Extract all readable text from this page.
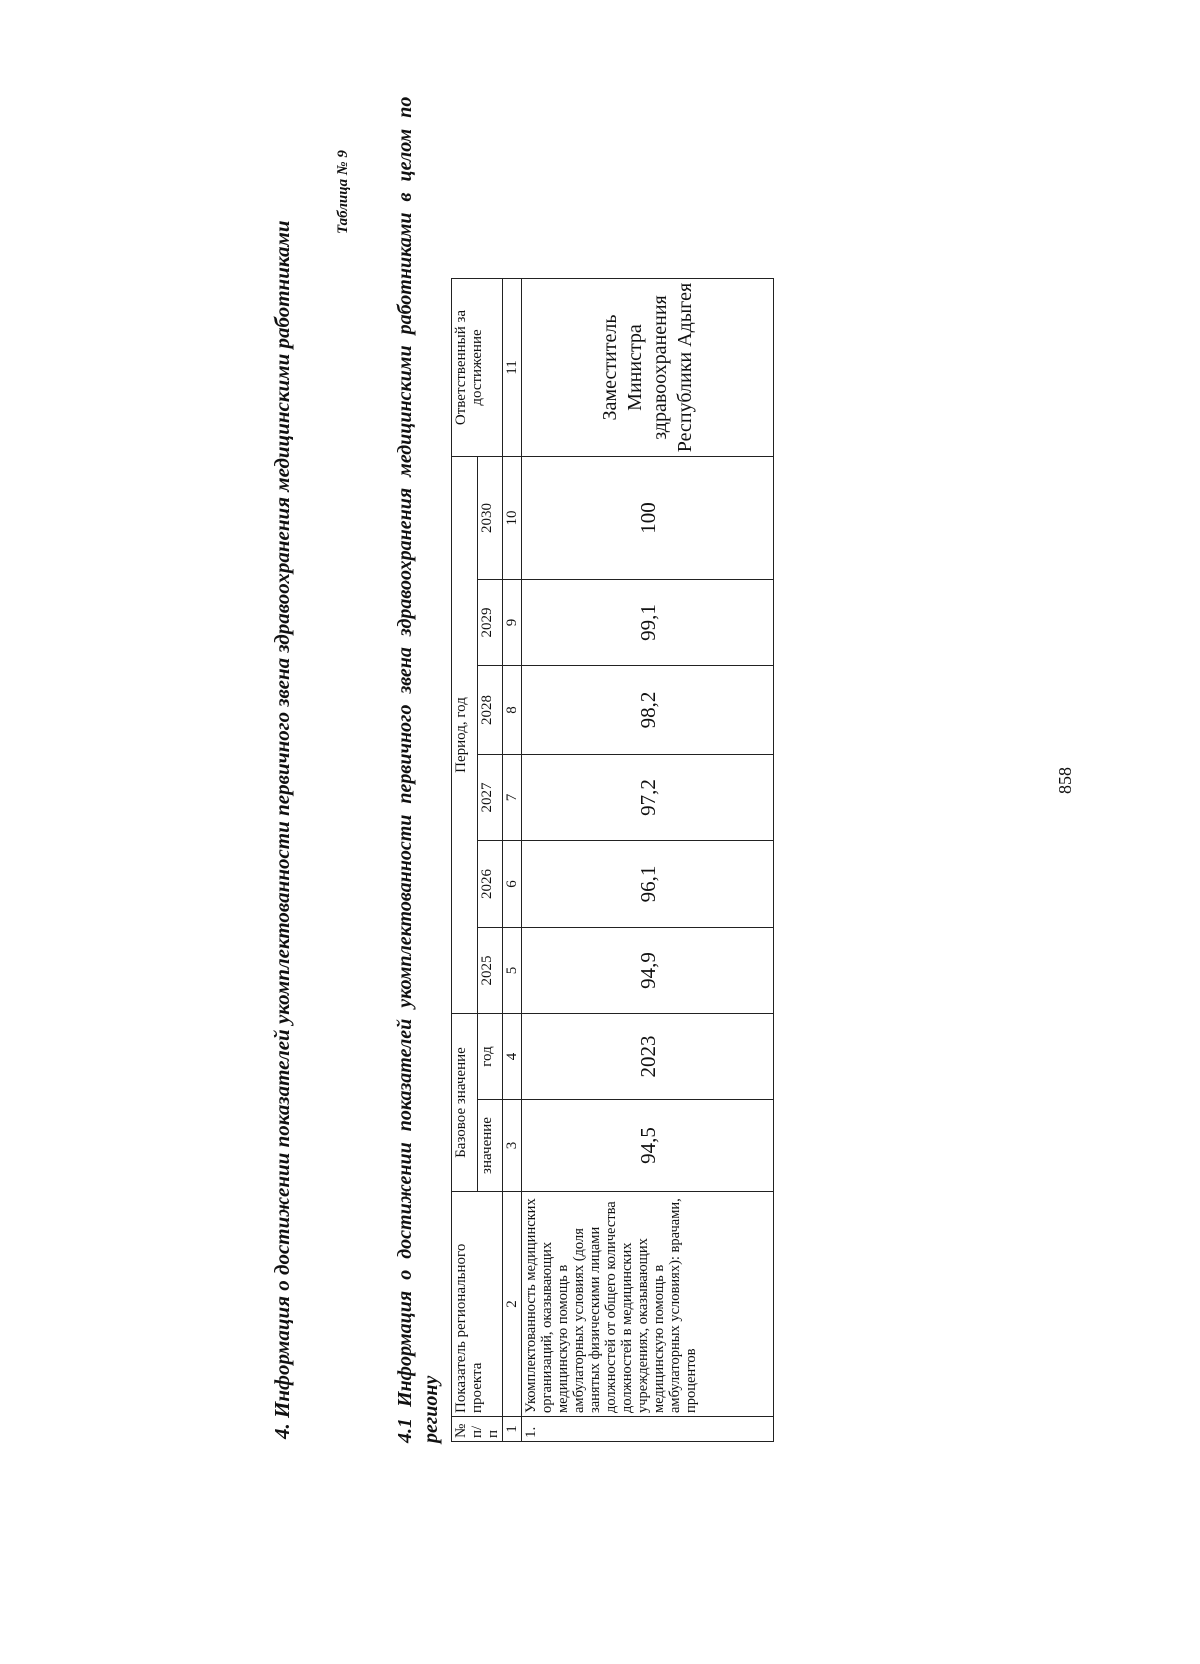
4. Информация о достижении показателей укомплектованности первичного звена здравоохранения медицинскими работниками
Таблица № 9 4.1 Информация о достижении показателей укомплектованности первичного звена здравоохранения медицинскими работниками в целом по региону № п/п	Показатель регионального проекта	Базовое значение		Период, год						Ответственный за достижение
		значение	год	2025	2026	2027	2028	2029	2030	
1	2	3	4	5	6	7	8	9	10	11
1.	Укомплектованность медицинских организаций, оказывающих медицинскую помощь в амбулаторных условиях (доля занятых физическими лицами должностей от общего количества должностей в медицинских учреждениях, оказывающих медицинскую помощь в амбулаторных условиях): врачами, процентов	94,5	2023	94,9	96,1	97,2	98,2	99,1	100	Заместитель Министра здравоохранения Республики Адыгея
858
